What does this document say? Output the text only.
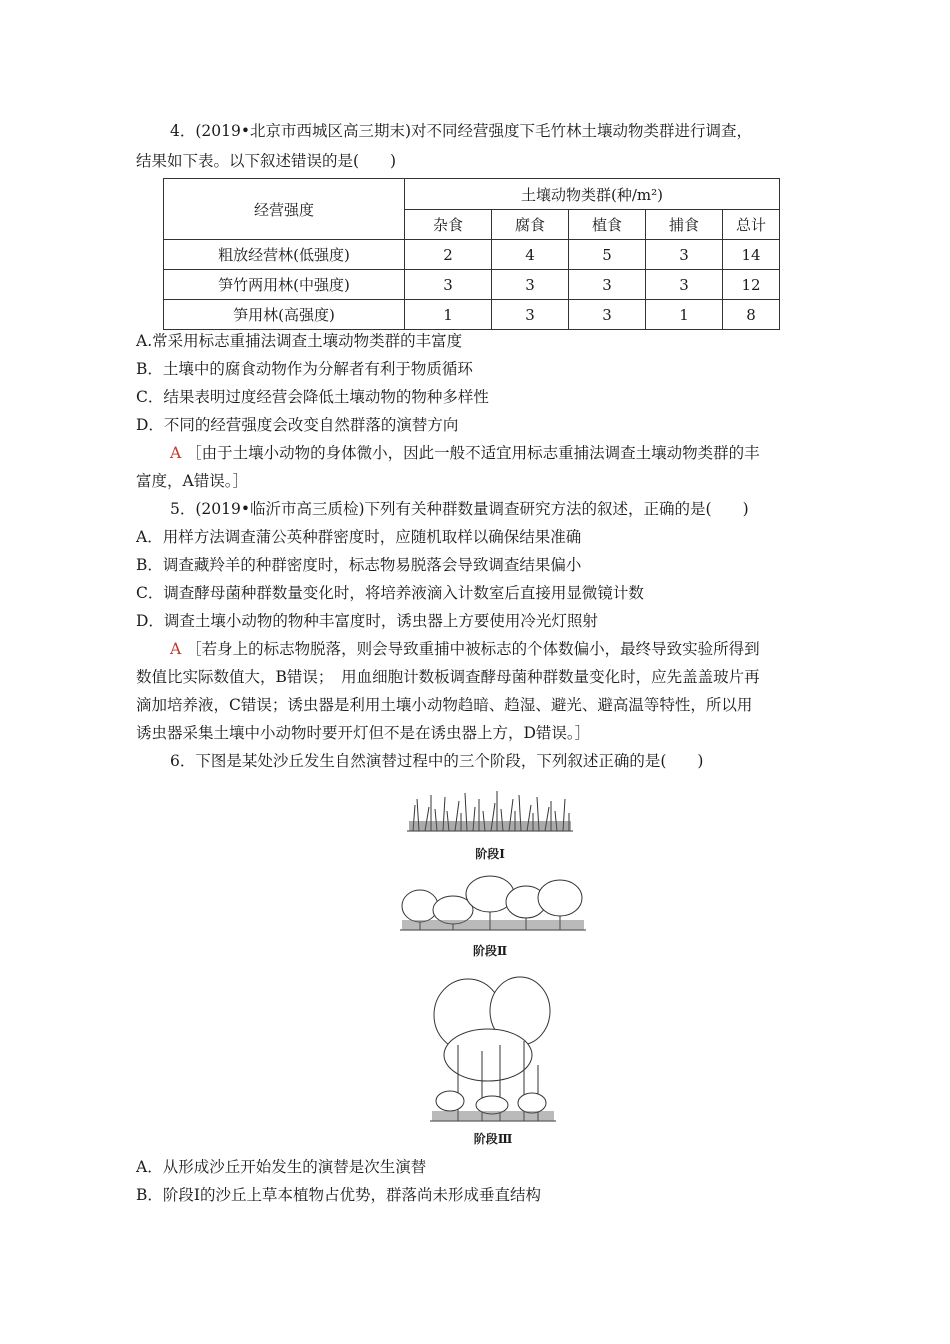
4．(2019•北京市西城区高三期末)对不同经营强度下毛竹林土壤动物类群进行调查，
结果如下表。以下叙述错误的是(　　)
经营强度	土壤动物类群(种/m²)				
	杂食	腐食	植食	捕食	总计
粗放经营林(低强度)	2	4	5	3	14
笋竹两用林(中强度)	3	3	3	3	12
笋用林(高强度)	1	3	3	1	8
A.常采用标志重捕法调查土壤动物类群的丰富度
B．土壤中的腐食动物作为分解者有利于物质循环
C．结果表明过度经营会降低土壤动物的物种多样性
D．不同的经营强度会改变自然群落的演替方向
A ［由于土壤小动物的身体微小，因此一般不适宜用标志重捕法调查土壤动物类群的丰
富度，A错误。］
5．(2019•临沂市高三质检)下列有关种群数量调查研究方法的叙述，正确的是(　　)
A．用样方法调查蒲公英种群密度时，应随机取样以确保结果准确
B．调查藏羚羊的种群密度时，标志物易脱落会导致调查结果偏小
C．调查酵母菌种群数量变化时，将培养液滴入计数室后直接用显微镜计数
D．调查土壤小动物的物种丰富度时，诱虫器上方要使用冷光灯照射
A ［若身上的标志物脱落，则会导致重捕中被标志的个体数偏小，最终导致实验所得到
数值比实际数值大，B错误；　用血细胞计数板调查酵母菌种群数量变化时，应先盖盖玻片再
滴加培养液，C错误；诱虫器是利用土壤小动物趋暗、趋湿、避光、避高温等特性，所以用
诱虫器采集土壤中小动物时要开灯但不是在诱虫器上方，D错误。］
6．下图是某处沙丘发生自然演替过程中的三个阶段，下列叙述正确的是(　　)
阶段Ⅰ
阶段Ⅱ
阶段Ⅲ
A．从形成沙丘开始发生的演替是次生演替
B．阶段Ⅰ的沙丘上草本植物占优势，群落尚未形成垂直结构
